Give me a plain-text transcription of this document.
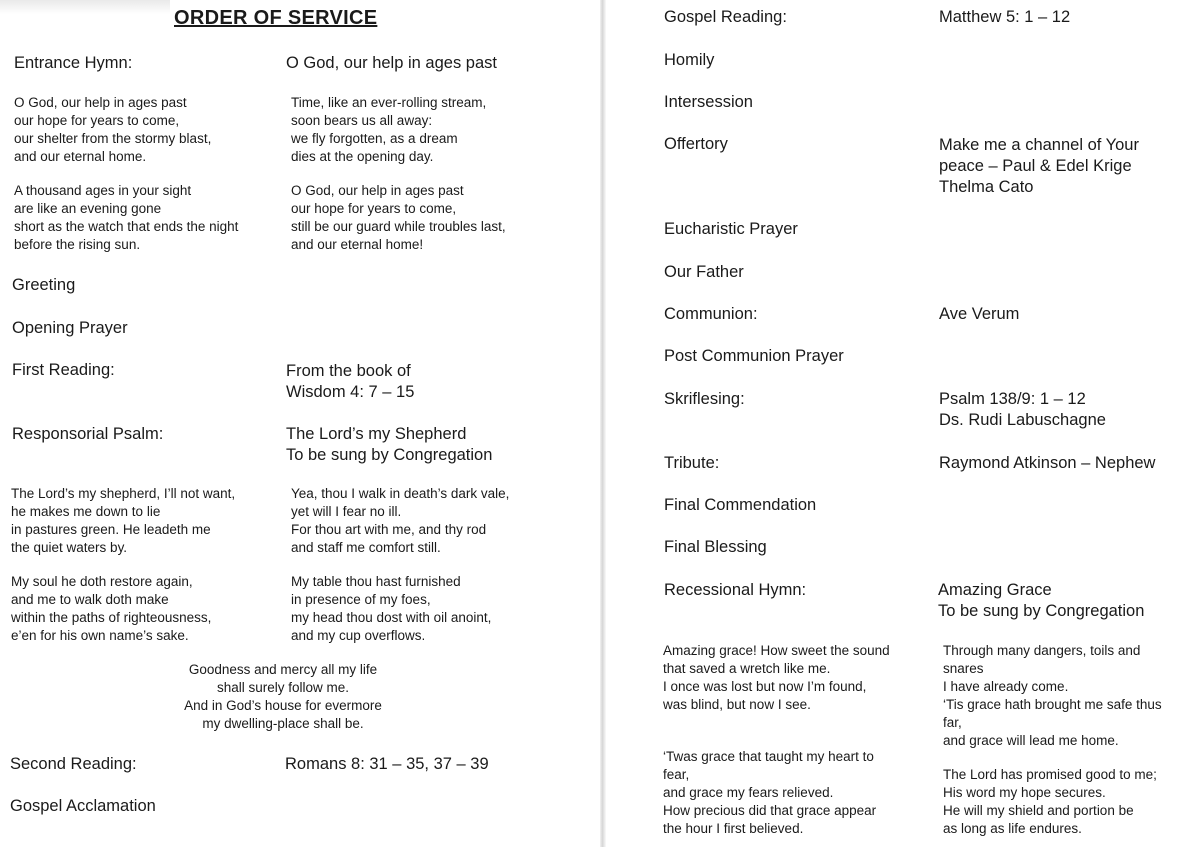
ORDER OF SERVICE
Entrance Hymn:	O God, our help in ages past
O God, our help in ages past
our hope for years to come,
our shelter from the stormy blast,
and our eternal home.
A thousand ages in your sight
are like an evening gone
short as the watch that ends the night
before the rising sun.
Time, like an ever-rolling stream,
soon bears us all away:
we fly forgotten, as a dream
dies at the opening day.
O God, our help in ages past
our hope for years to come,
still be our guard while troubles last,
and our eternal home!
Greeting
Opening Prayer
First Reading:	From the book of
Wisdom 4: 7 – 15
Responsorial Psalm:	The Lord’s my Shepherd
To be sung by Congregation
The Lord’s my shepherd, I’ll not want,
he makes me down to lie
in pastures green. He leadeth me
the quiet waters by.
My soul he doth restore again,
and me to walk doth make
within the paths of righteousness,
e’en for his own name’s sake.
Yea, thou I walk in death’s dark vale,
yet will I fear no ill.
For thou art with me, and thy rod
and staff me comfort still.
My table thou hast furnished
in presence of my foes,
my head thou dost with oil anoint,
and my cup overflows.
Goodness and mercy all my life
shall surely follow me.
And in God’s house for evermore
my dwelling-place shall be.
Second Reading:	Romans 8: 31 – 35, 37 – 39
Gospel Acclamation
Gospel Reading:	Matthew 5: 1 – 12
Homily
Intersession
Offertory	Make me a channel of Your
peace – Paul & Edel Krige
Thelma Cato
Eucharistic Prayer
Our Father
Communion:	Ave Verum
Post Communion Prayer
Skriflesing:	Psalm 138/9: 1 – 12
Ds. Rudi Labuschagne
Tribute:	Raymond Atkinson – Nephew
Final Commendation
Final Blessing
Recessional Hymn:	Amazing Grace
To be sung by Congregation
Amazing grace! How sweet the sound
that saved a wretch like me.
I once was lost but now I’m found,
was blind, but now I see.
‘Twas grace that taught my heart to
fear,
and grace my fears relieved.
How precious did that grace appear
the hour I first believed.
Through many dangers, toils and
snares
I have already come.
‘Tis grace hath brought me safe thus
far,
and grace will lead me home.
The Lord has promised good to me;
His word my hope secures.
He will my shield and portion be
as long as life endures.
